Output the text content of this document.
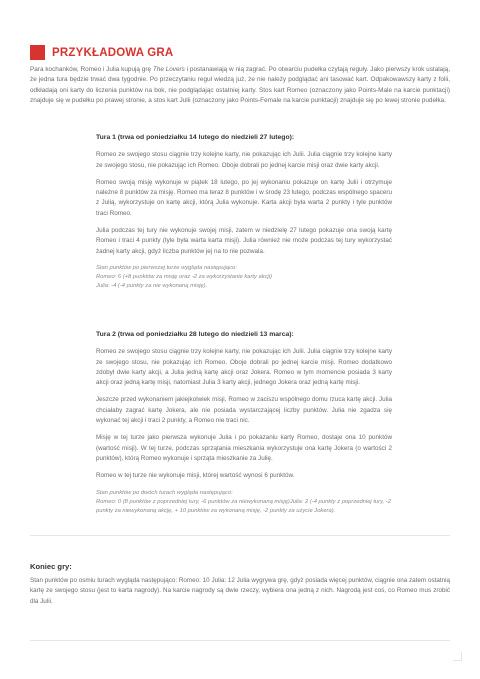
PRZYKŁADOWA GRA
Para kochanków, Romeo i Julia kupują grę The Lovers i postanawiają w nią zagrać. Po otwarciu pudełka czytają reguły. Jako pierwszy krok ustalają, że jedna tura będzie trwać dwa tygodnie. Po przeczytaniu reguł wiedzą już, że nie należy podglądać ani tasować kart. Odpakowawszy karty z folii, odkładają oni karty do liczenia punktów na bok, nie podglądając ostatniej karty. Stos kart Romeo (oznaczony jako Points-Male na karcie punktacji) znajduje się w pudełku po prawej stronie, a stos kart Julii (oznaczony jako Points-Female na karcie punktacji) znajduje się po lewej stronie pudełka.
Tura 1 (trwa od poniedziałku 14 lutego do niedzieli 27 lutego):

Romeo ze swojego stosu ciągnie trzy kolejne karty, nie pokazując ich Julii. Julia ciągnie trzy kolejne karty ze swojego stosu, nie pokazując ich Romeo. Oboje dobrali po jednej karcie misji oraz dwie karty akcji.

Romeo swoją misję wykonuje w piątek 18 lutego, po jej wykonaniu pokazuje on kartę Julii i otrzymuje należne 8 punktów za misję. Romeo ma teraz 8 punktów i w środę 23 lutego, podczas wspólnego spaceru z Julią, wykorzystuje on kartę akcji, którą Julia wykonuje. Karta akcji była warta 2 punkty i tyle punktów traci Romeo.

Julia podczas tej tury nie wykonuje swojej misji, zatem w niedzielę 27 lutego pokazuje ona swoją kartę Romeo i traci 4 punkty (tyle była warta karta misji). Julia również nie może podczas tej tury wykorzystać żadnej karty akcji, gdyż liczba punktów jej na to nie pozwala.

Stan punktów po pierwszej turze wygląda następująco:
Romeo: 6 (+8 punktów za misję oraz -2 za wykorzystanie karty akcji)
Julia: -4 (-4 punkty za nie wykonaną misję).
Tura 2 (trwa od poniedziałku 28 lutego do niedzieli 13 marca):

Romeo ze swojego stosu ciągnie trzy kolejne karty, nie pokazując ich Julii. Julia ciągnie trzy kolejne karty ze swojego stosu, nie pokazując ich Romeo. Oboje dobrali po jednej karcie misji. Romeo dodatkowo zdobył dwie karty akcji, a Julia jedną kartę akcji oraz Jokera. Romeo w tym momencie posiada 3 karty akcji oraz jedną kartę misji, natomiast Julia 3 karty akcji, jednego Jokera oraz jedną kartę misji.

Jeszcze przed wykonaniem jakiejkolwiek misji, Romeo w zaciszu wspólnego domu rzuca kartę akcji. Julia chciałaby zagrać kartę Jokera, ale nie posiada wystarczającej liczby punktów. Julia nie zgadza się wykonać tej akcji i traci 2 punkty, a Romeo nie traci nic.

Misję w tej turze jako pierwsza wykonuje Julia i po pokazaniu karty Romeo, dostaje ona 10 punktów (wartość misji). W tej turze, podczas sprzątania mieszkania wykorzystuje ona kartę Jokera (o wartości 2 punktów), którą Romeo wykonuje i sprząta mieszkanie za Julię.

Romeo w tej turze nie wykonuje misji, której wartość wynosi 6 punktów.

Stan punktów po dwóch turach wygląda następująco:
Romeo: 0 (8 punktów z poprzedniej tury, -6 punktów za niewykonaną misję)Julia: 2 (-4 punkty z poprzedniej tury, -2 punkty za niewykonaną akcję, + 10 punktów za wykonaną misję, -2 punkty za użycie Jokera).
Koniec gry:
Stan punktów po osmiu turach wygląda następująco: Romeo: 10 Julia: 12 Julia wygrywa grę, gdyż posiada więcej punktów, ciągnie ona zatem ostatnią kartę ze swojego stosu (jest to karta nagrody). Na karcie nagrody są dwie rzeczy, wybiera ona jedną z nich. Nagrodą jest coś, co Romeo mus zrobić dla Julii.
